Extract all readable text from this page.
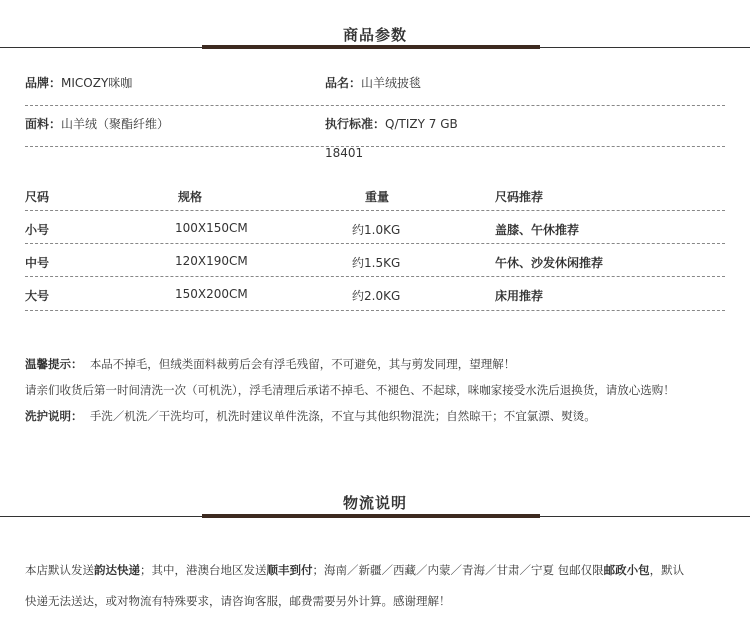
商品参数
品牌：MICOZY咪咖	品名：山羊绒披毯
面料：山羊绒（聚酯纤维）	执行标准：Q/TIZY 7 GB
18401
尺码	规格	重量	尺码推荐
小号	100X150CM	约1.0KG	盖膝、午休推荐
中号	120X190CM	约1.5KG	午休、沙发休闲推荐
大号	150X200CM	约2.0KG	床用推荐

温馨提示： 本品不掉毛，但绒类面料裁剪后会有浮毛残留，不可避免，其与剪发同理，望理解！

请亲们收货后第一时间清洗一次（可机洗），浮毛清理后承诺不掉毛、不褪色、不起球，咪咖家接受水洗后退换货，请放心选购！

洗护说明： 手洗／机洗／干洗均可，机洗时建议单件洗涤，不宜与其他织物混洗；自然晾干；不宜氯漂、熨烫。

物流说明

本店默认发送韵达快递；其中，港澳台地区发送顺丰到付；海南／新疆／西藏／内蒙／青海／甘肃／宁夏 包邮仅限邮政小包，默认

快递无法送达，或对物流有特殊要求，请咨询客服，邮费需要另外计算。感谢理解！
